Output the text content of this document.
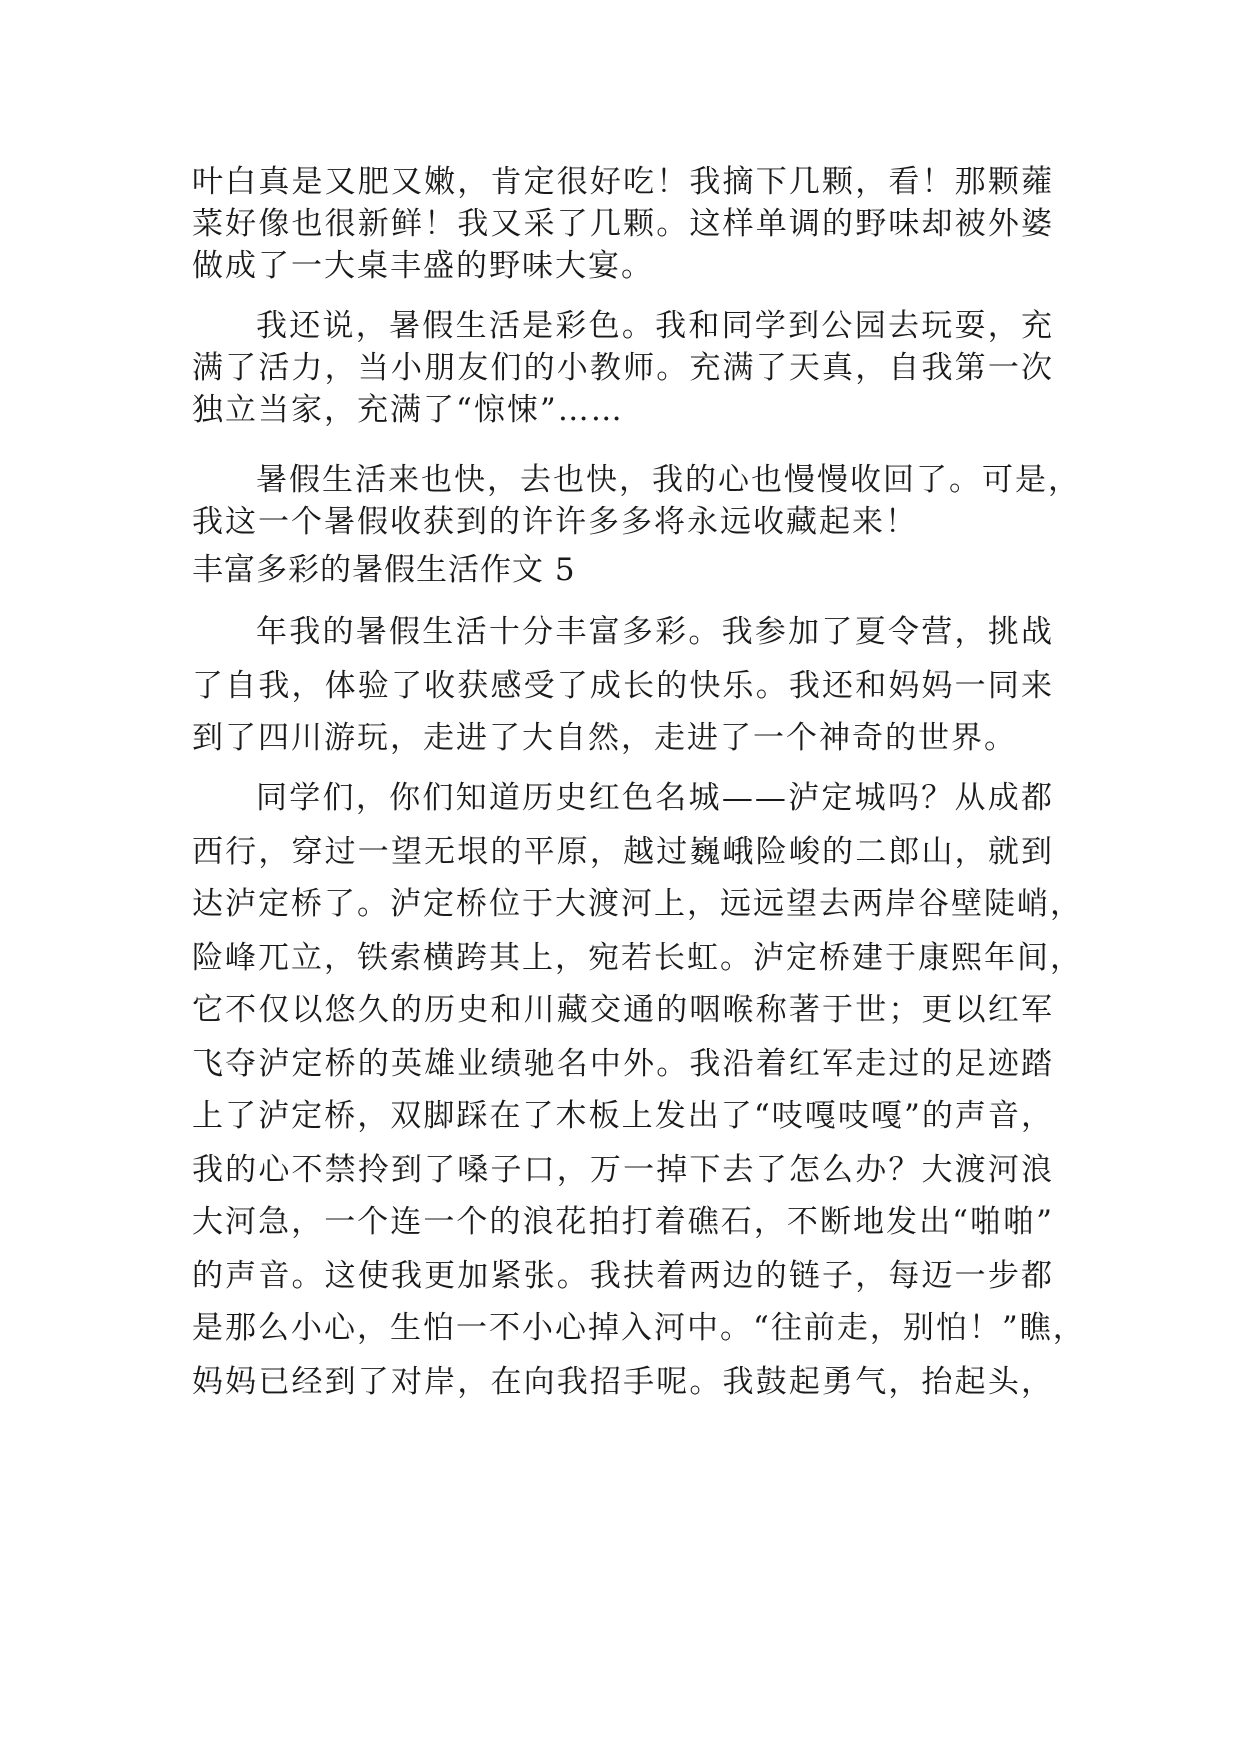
叶白真是又肥又嫩，肯定很好吃！我摘下几颗，看！那颗蕹
菜好像也很新鲜！我又采了几颗。这样单调的野味却被外婆
做成了一大桌丰盛的野味大宴。
我还说，暑假生活是彩色。我和同学到公园去玩耍，充
满了活力，当小朋友们的小教师。充满了天真，自我第一次
独立当家，充满了“惊悚”……
暑假生活来也快，去也快，我的心也慢慢收回了。可是，
我这一个暑假收获到的许许多多将永远收藏起来！
丰富多彩的暑假生活作文 5
年我的暑假生活十分丰富多彩。我参加了夏令营，挑战
了自我，体验了收获感受了成长的快乐。我还和妈妈一同来
到了四川游玩，走进了大自然，走进了一个神奇的世界。
同学们，你们知道历史红色名城——泸定城吗？从成都
西行，穿过一望无垠的平原，越过巍峨险峻的二郎山，就到
达泸定桥了。泸定桥位于大渡河上，远远望去两岸谷壁陡峭，
险峰兀立，铁索横跨其上，宛若长虹。泸定桥建于康熙年间，
它不仅以悠久的历史和川藏交通的咽喉称著于世；更以红军
飞夺泸定桥的英雄业绩驰名中外。我沿着红军走过的足迹踏
上了泸定桥，双脚踩在了木板上发出了“吱嘎吱嘎”的声音，
我的心不禁拎到了嗓子口，万一掉下去了怎么办？大渡河浪
大河急，一个连一个的浪花拍打着礁石，不断地发出“啪啪”
的声音。这使我更加紧张。我扶着两边的链子，每迈一步都
是那么小心，生怕一不小心掉入河中。“往前走，别怕！”瞧，
妈妈已经到了对岸，在向我招手呢。我鼓起勇气，抬起头，
